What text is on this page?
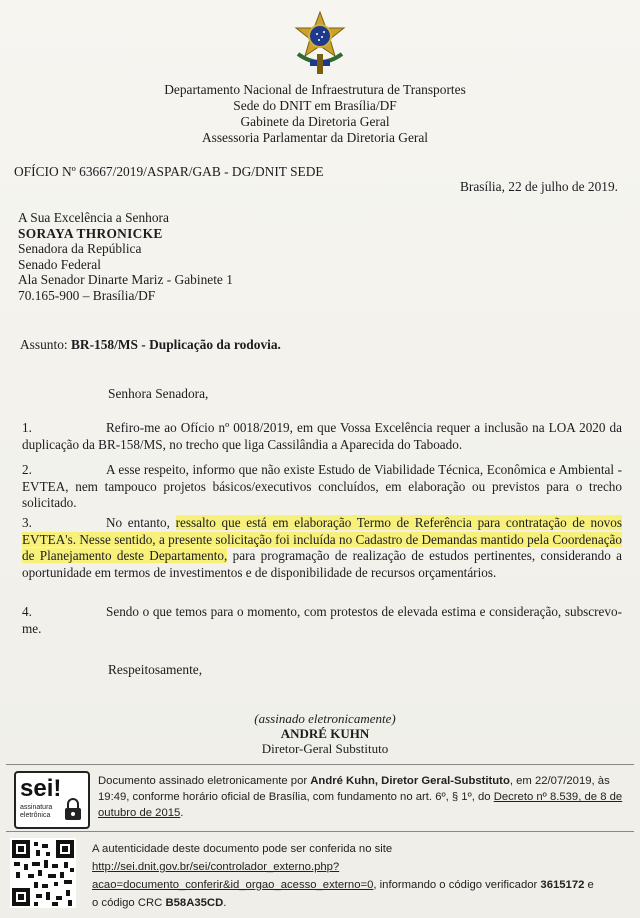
Departamento Nacional de Infraestrutura de Transportes
Sede do DNIT em Brasília/DF
Gabinete da Diretoria Geral
Assessoria Parlamentar da Diretoria Geral
OFÍCIO Nº 63667/2019/ASPAR/GAB - DG/DNIT SEDE
Brasília, 22 de julho de 2019.
A Sua Excelência a Senhora
SORAYA THRONICKE
Senadora da República
Senado Federal
Ala Senador Dinarte Mariz - Gabinete 1
70.165-900 – Brasília/DF
Assunto: BR-158/MS - Duplicação da rodovia.
Senhora Senadora,
1.	Refiro-me ao Ofício nº 0018/2019, em que Vossa Excelência requer a inclusão na LOA 2020 da duplicação da BR-158/MS, no trecho que liga Cassilândia a Aparecida do Taboado.
2.	A esse respeito, informo que não existe Estudo de Viabilidade Técnica, Econômica e Ambiental - EVTEA, nem tampouco projetos básicos/executivos concluídos, em elaboração ou previstos para o trecho solicitado.
3.	No entanto, ressalto que está em elaboração Termo de Referência para contratação de novos EVTEA's. Nesse sentido, a presente solicitação foi incluída no Cadastro de Demandas mantido pela Coordenação de Planejamento deste Departamento, para programação de realização de estudos pertinentes, considerando a oportunidade em termos de investimentos e de disponibilidade de recursos orçamentários.
4.	Sendo o que temos para o momento, com protestos de elevada estima e consideração, subscrevo-me.
Respeitosamente,
(assinado eletronicamente)
ANDRÉ KUHN
Diretor-Geral Substituto
sei!
assinatura
eletrônica
Documento assinado eletronicamente por André Kuhn, Diretor Geral-Substituto, em 22/07/2019, às 19:49, conforme horário oficial de Brasília, com fundamento no art. 6º, § 1º, do Decreto nº 8.539, de 8 de outubro de 2015.
A autenticidade deste documento pode ser conferida no site
http://sei.dnit.gov.br/sei/controlador_externo.php?
acao=documento_conferir&id_orgao_acesso_externo=0, informando o código verificador 3615172 e
o código CRC B58A35CD.
